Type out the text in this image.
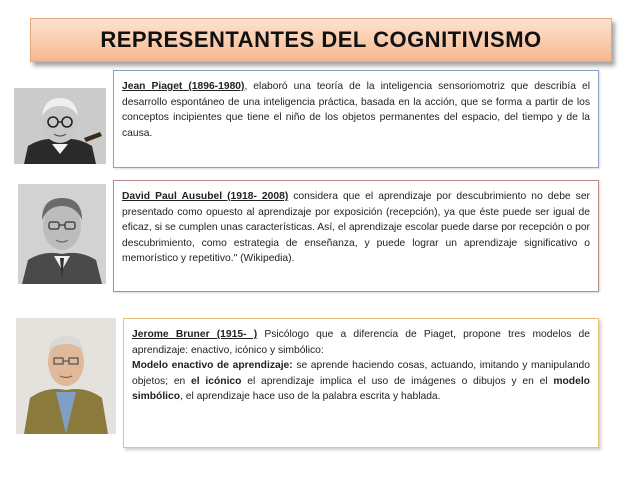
REPRESENTANTES DEL COGNITIVISMO
Jean Piaget (1896-1980), elaboró una teoría de la inteligencia sensoriomotriz que describía el desarrollo espontáneo de una inteligencia práctica, basada en la acción, que se forma a partir de los conceptos incipientes que tiene el niño de los objetos permanentes del espacio, del tiempo y de la causa.
David Paul Ausubel (1918- 2008) considera que el aprendizaje por descubrimiento no debe ser presentado como opuesto al aprendizaje por exposición (recepción), ya que éste puede ser igual de eficaz, si se cumplen unas características. Así, el aprendizaje escolar puede darse por recepción o por descubrimiento, como estrategia de enseñanza, y puede lograr un aprendizaje significativo o memorístico y repetitivo." (Wikipedia).
Jerome Bruner (1915- ) Psicólogo que a diferencia de Piaget, propone tres modelos de aprendizaje: enactivo, icónico y simbólico:
Modelo enactivo de aprendizaje: se aprende haciendo cosas, actuando, imitando y manipulando objetos; en el icónico el aprendizaje implica el uso de imágenes o dibujos y en el modelo simbólico, el aprendizaje hace uso de la palabra escrita y hablada.
